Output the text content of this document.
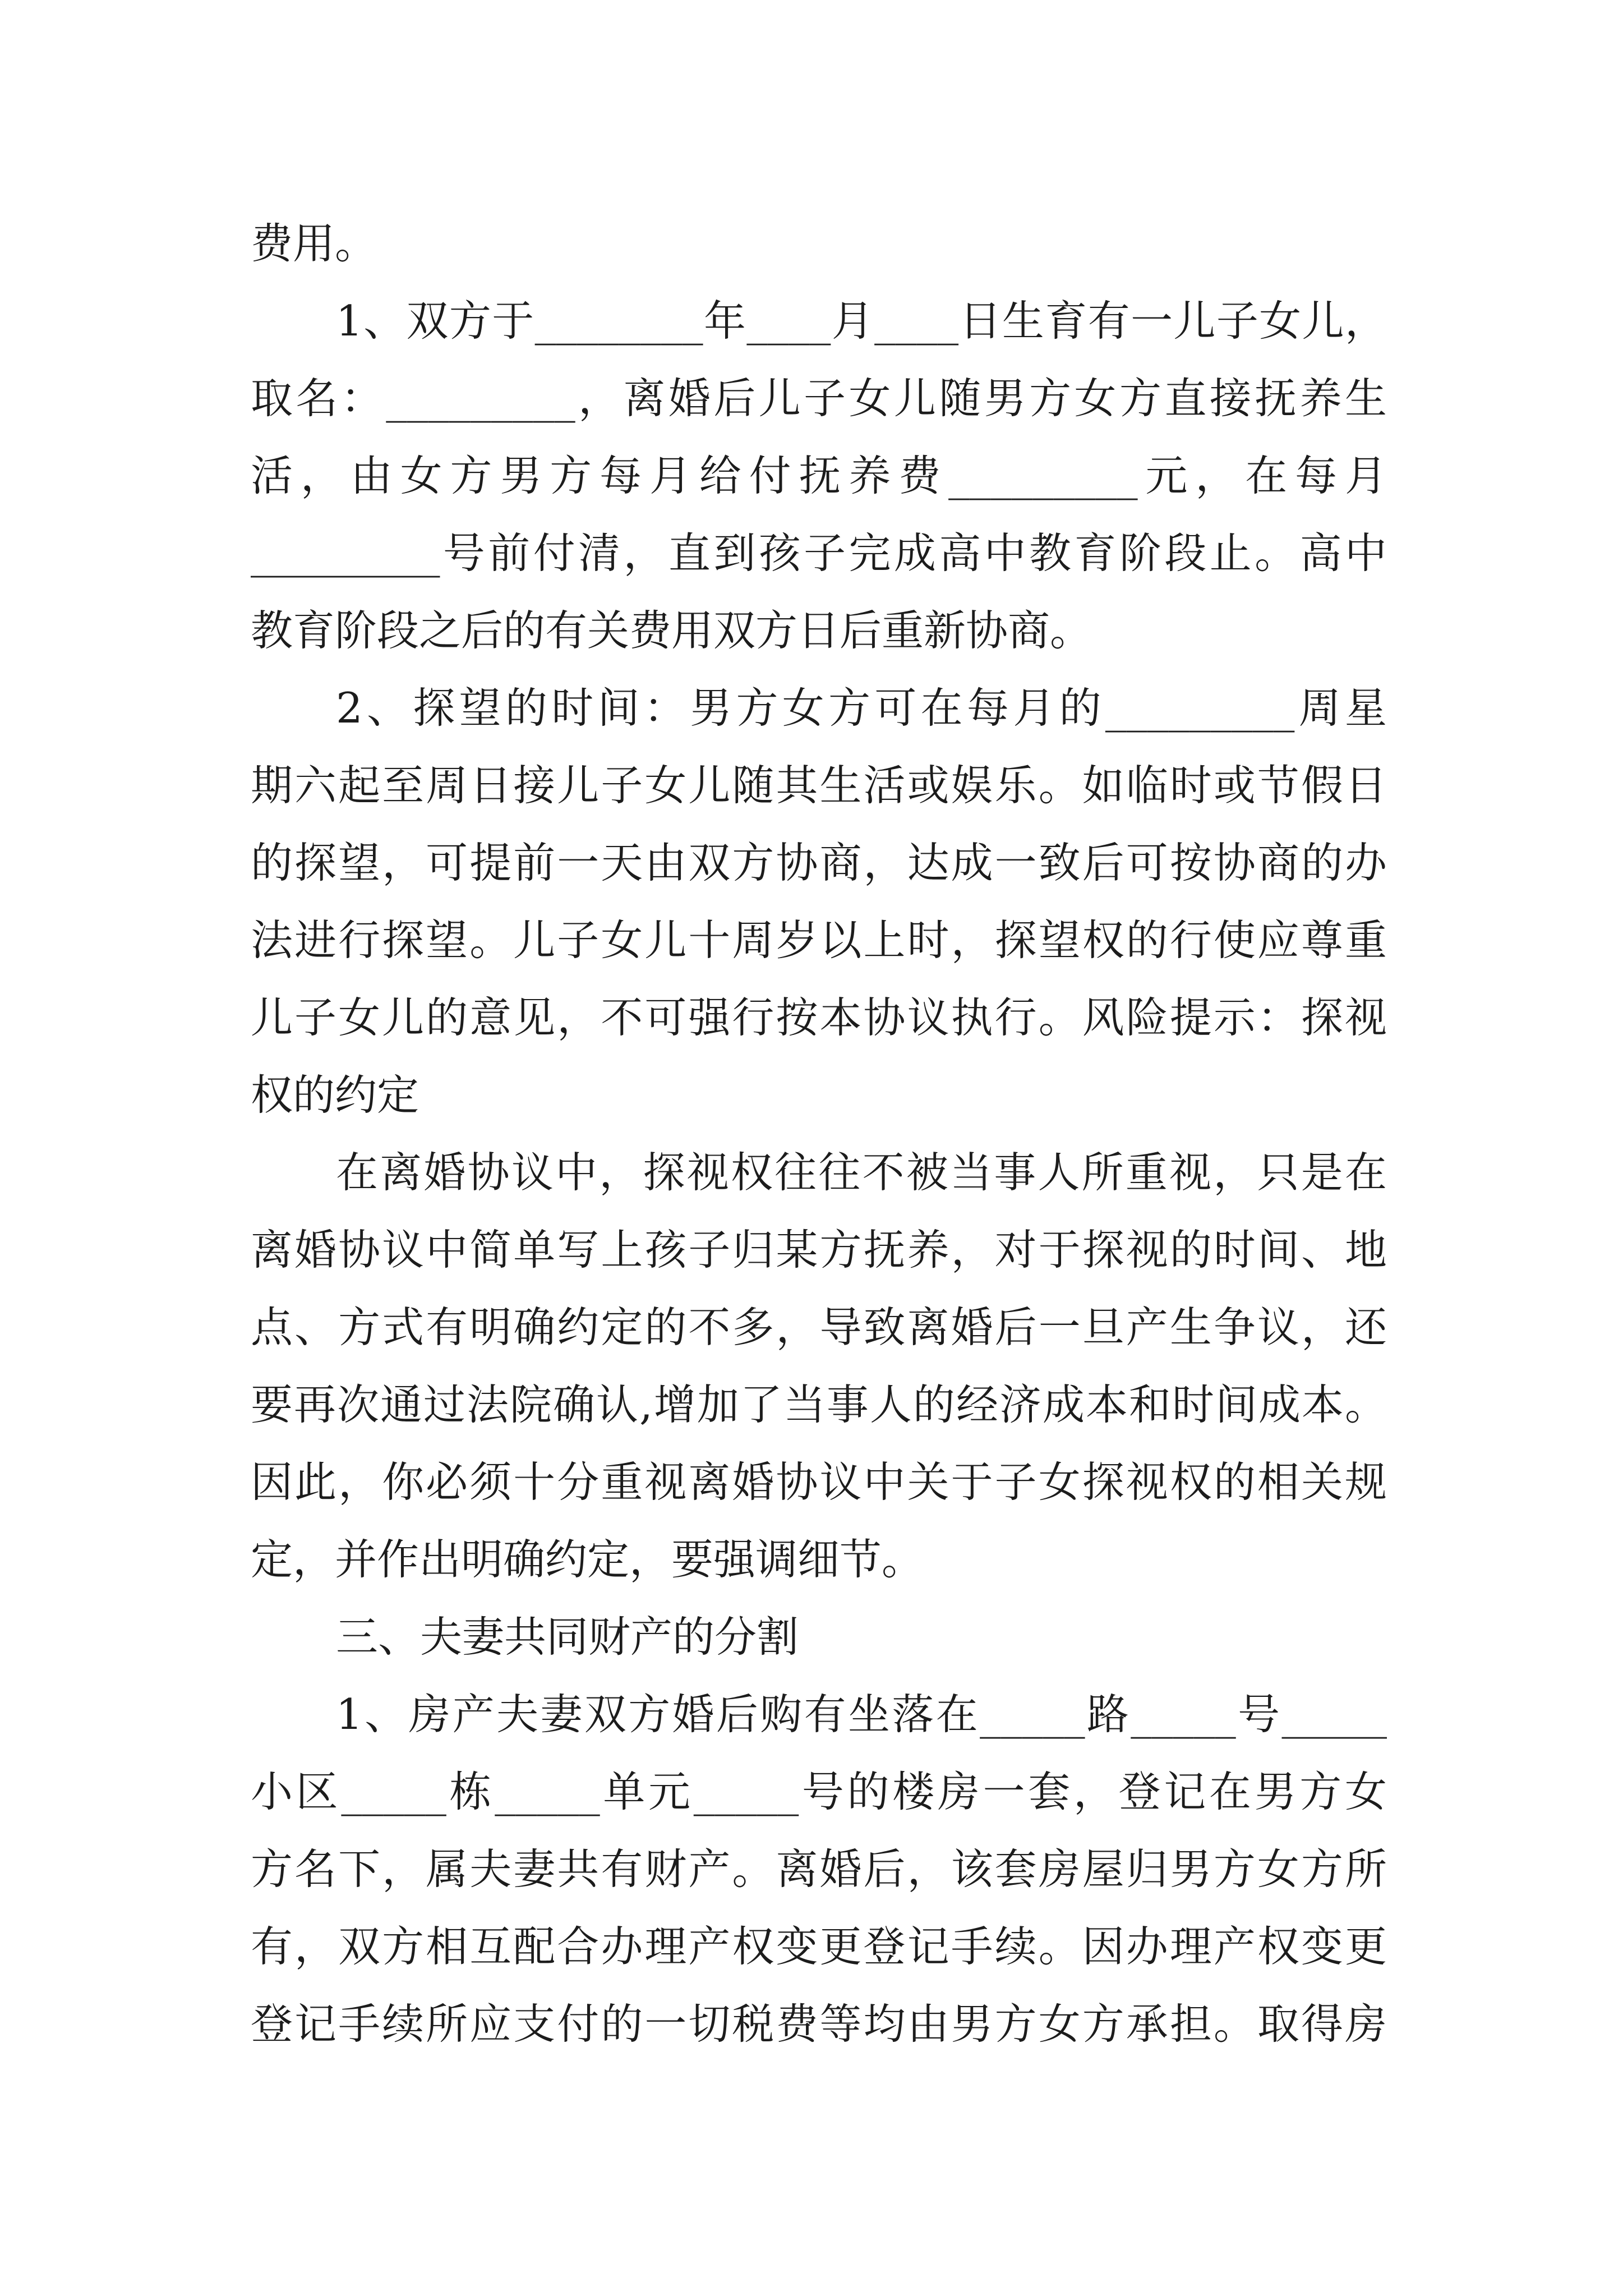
费用。
1、双方于________年____月____日生育有一儿子女儿，
取名：_________，离婚后儿子女儿随男方女方直接抚养生
活，由女方男方每月给付抚养费_________元，在每月
_________号前付清，直到孩子完成高中教育阶段止。高中
教育阶段之后的有关费用双方日后重新协商。
2、探望的时间：男方女方可在每月的_________周星
期六起至周日接儿子女儿随其生活或娱乐。如临时或节假日
的探望，可提前一天由双方协商，达成一致后可按协商的办
法进行探望。儿子女儿十周岁以上时，探望权的行使应尊重
儿子女儿的意见，不可强行按本协议执行。风险提示：探视
权的约定
在离婚协议中，探视权往往不被当事人所重视，只是在
离婚协议中简单写上孩子归某方抚养，对于探视的时间、地
点、方式有明确约定的不多，导致离婚后一旦产生争议，还
要再次通过法院确认,增加了当事人的经济成本和时间成本。
因此，你必须十分重视离婚协议中关于子女探视权的相关规
定，并作出明确约定，要强调细节。
三、夫妻共同财产的分割
1、房产夫妻双方婚后购有坐落在_____路_____号_____
小区_____栋_____单元_____号的楼房一套，登记在男方女
方名下，属夫妻共有财产。离婚后，该套房屋归男方女方所
有，双方相互配合办理产权变更登记手续。因办理产权变更
登记手续所应支付的一切税费等均由男方女方承担。取得房
